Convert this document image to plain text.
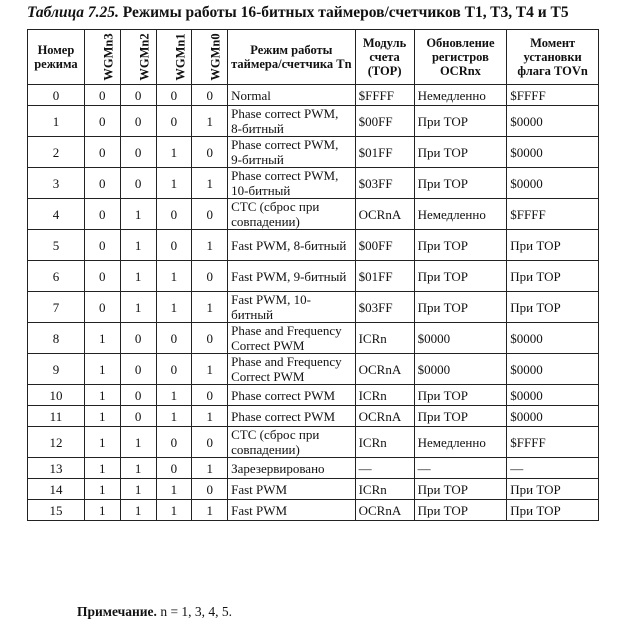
Таблица 7.25. Режимы работы 16-битных таймеров/счетчиков T1, T3, T4 и T5
Номер режима	WGMn3	WGMn2	WGMn1	WGMn0	Режим работы таймера/счетчика Tn	Модуль счета (TOP)	Обновление регистров OCRnx	Момент установки флага TOVn
0	0	0	0	0	Normal	$FFFF	Немедленно	$FFFF
1	0	0	0	1	Phase correct PWM, 8-битный	$00FF	При TOP	$0000
2	0	0	1	0	Phase correct PWM, 9-битный	$01FF	При TOP	$0000
3	0	0	1	1	Phase correct PWM, 10-битный	$03FF	При TOP	$0000
4	0	1	0	0	CTC (сброс при совпадении)	OCRnA	Немедленно	$FFFF
5	0	1	0	1	Fast PWM, 8-битный	$00FF	При TOP	При TOP
6	0	1	1	0	Fast PWM, 9-битный	$01FF	При TOP	При TOP
7	0	1	1	1	Fast PWM, 10-битный	$03FF	При TOP	При TOP
8	1	0	0	0	Phase and Frequency Correct PWM	ICRn	$0000	$0000
9	1	0	0	1	Phase and Frequency Correct PWM	OCRnA	$0000	$0000
10	1	0	1	0	Phase correct PWM	ICRn	При TOP	$0000
11	1	0	1	1	Phase correct PWM	OCRnA	При TOP	$0000
12	1	1	0	0	CTC (сброс при совпадении)	ICRn	Немедленно	$FFFF
13	1	1	0	1	Зарезервировано	—	—	—
14	1	1	1	0	Fast PWM	ICRn	При TOP	При TOP
15	1	1	1	1	Fast PWM	OCRnA	При TOP	При TOP
Примечание. n = 1, 3, 4, 5.
